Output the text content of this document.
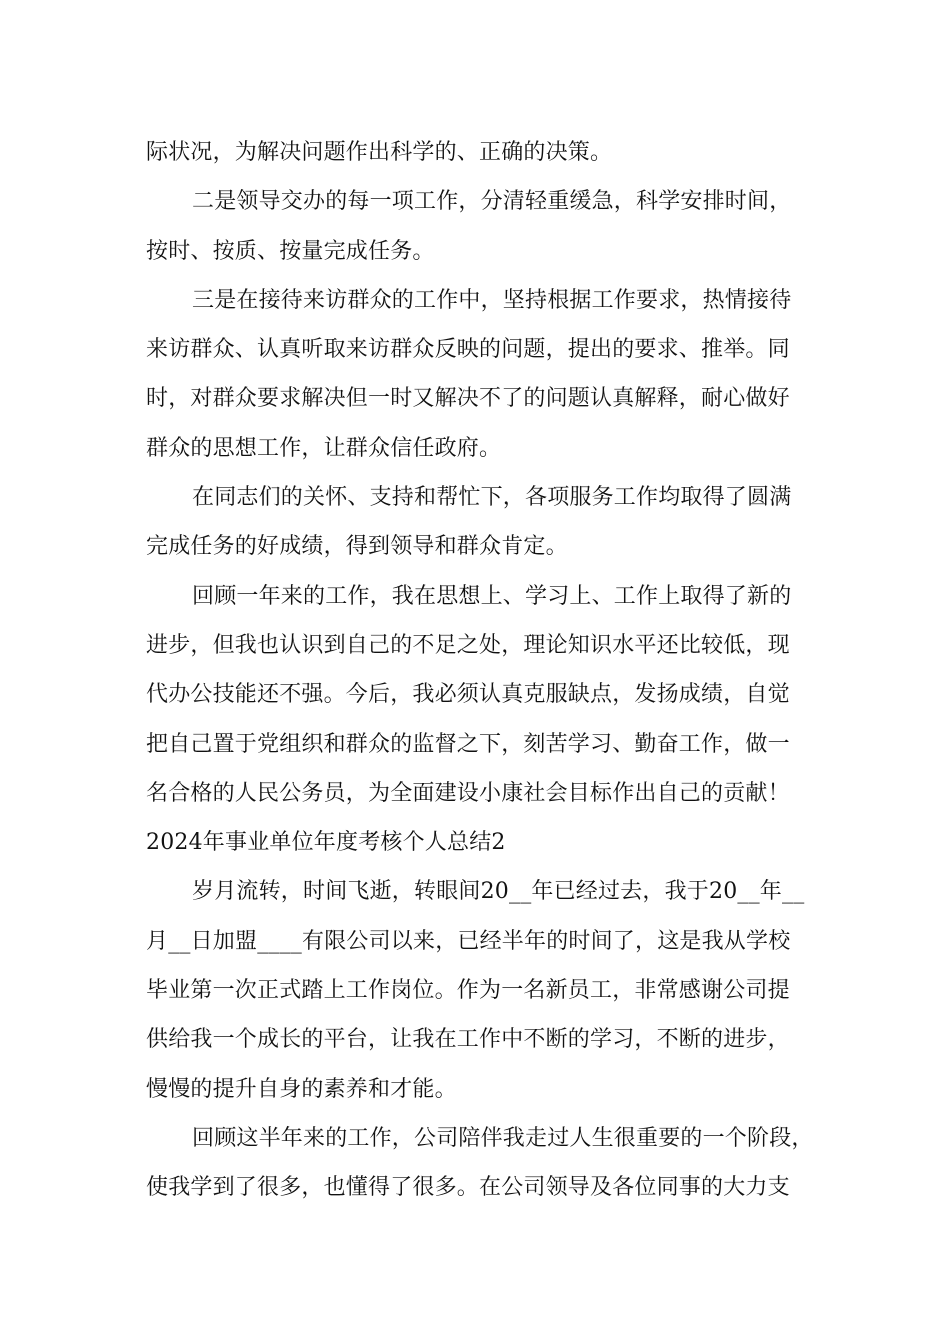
际状况，为解决问题作出科学的、正确的决策。
二是领导交办的每一项工作，分清轻重缓急，科学安排时间，
按时、按质、按量完成任务。
三是在接待来访群众的工作中，坚持根据工作要求，热情接待
来访群众、认真听取来访群众反映的问题，提出的要求、推举。同
时，对群众要求解决但一时又解决不了的问题认真解释，耐心做好
群众的思想工作，让群众信任政府。
在同志们的关怀、支持和帮忙下，各项服务工作均取得了圆满
完成任务的好成绩，得到领导和群众肯定。
回顾一年来的工作，我在思想上、学习上、工作上取得了新的
进步，但我也认识到自己的不足之处，理论知识水平还比较低，现
代办公技能还不强。今后，我必须认真克服缺点，发扬成绩，自觉
把自己置于党组织和群众的监督之下，刻苦学习、勤奋工作，做一
名合格的人民公务员，为全面建设小康社会目标作出自己的贡献！
2024年事业单位年度考核个人总结2
岁月流转，时间飞逝，转眼间20__年已经过去，我于20__年__
月__日加盟____有限公司以来，已经半年的时间了，这是我从学校
毕业第一次正式踏上工作岗位。作为一名新员工，非常感谢公司提
供给我一个成长的平台，让我在工作中不断的学习，不断的进步，
慢慢的提升自身的素养和才能。
回顾这半年来的工作，公司陪伴我走过人生很重要的一个阶段，
使我学到了很多，也懂得了很多。在公司领导及各位同事的大力支
